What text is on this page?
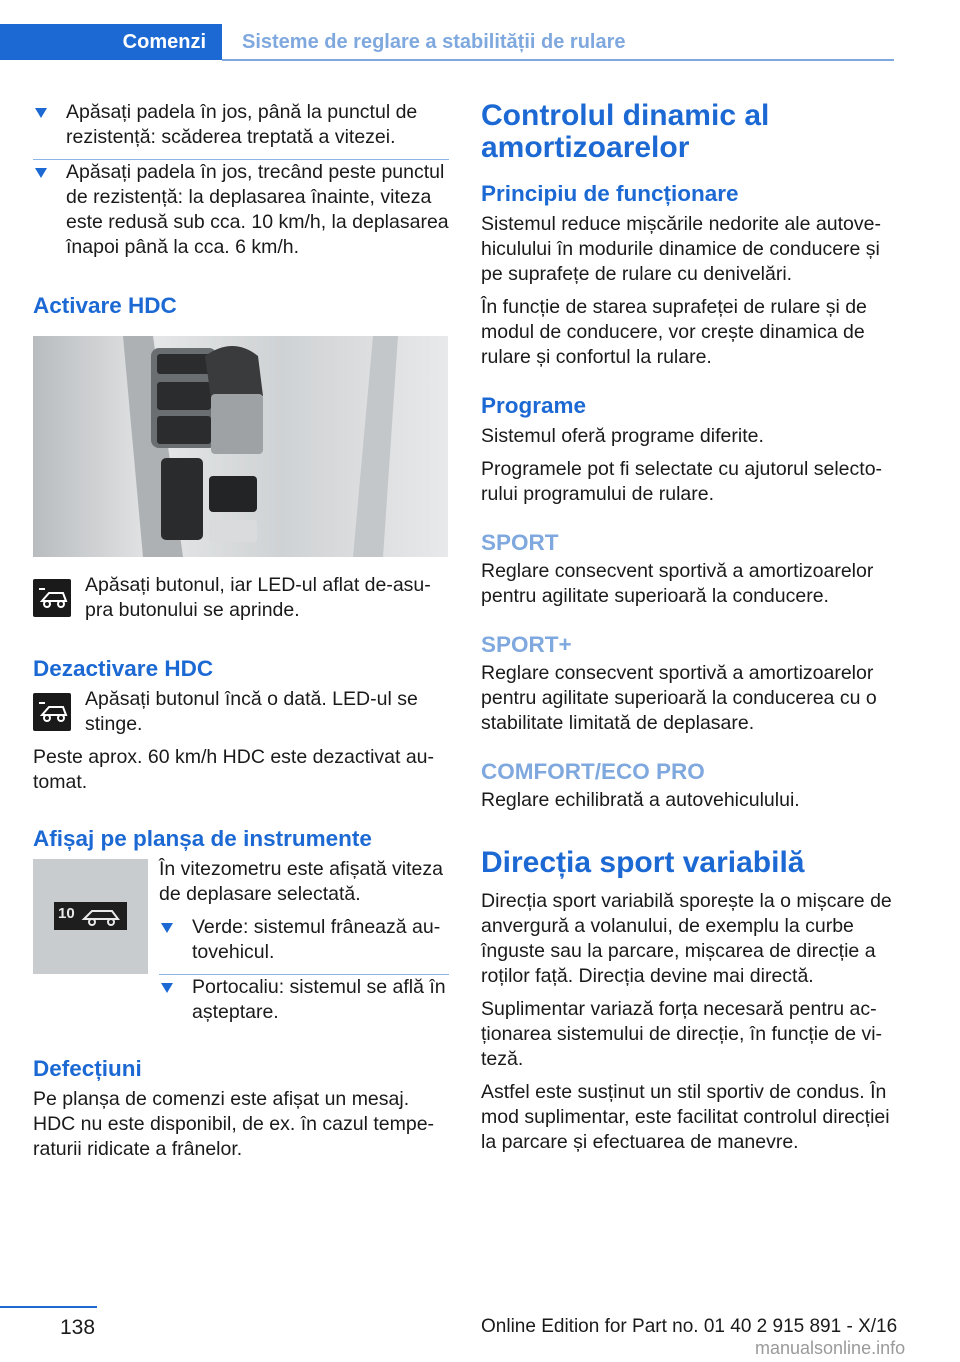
Comenzi	Sisteme de reglare a stabilității de rulare
Apăsați padela în jos, până la punctul de rezistență: scăderea treptată a vitezei.
Apăsați padela în jos, trecând peste punctul de rezistență: la deplasarea înainte, viteza este redusă sub cca. 10 km/h, la deplasarea înapoi până la cca. 6 km/h.
Activare HDC

Apăsați butonul, iar LED-ul aflat de-asupra butonului se aprinde.

Dezactivare HDC

Apăsați butonul încă o dată. LED-ul se stinge.

Peste aprox. 60 km/h HDC este dezactivat automat.

Afișaj pe planșa de instrumente
10

În vitezometru este afișată viteza de deplasare selectată.

Verde: sistemul frânează autovehicul.
Portocaliu: sistemul se află în așteptare.
Defecțiuni

Pe planșa de comenzi este afișat un mesaj. HDC nu este disponibil, de ex. în cazul temperaturii ridicate a frânelor.

Controlul dinamic al amortizoarelor
Principiu de funcționare

Sistemul reduce mișcările nedorite ale autovehiculului în modurile dinamice de conducere și pe suprafețe de rulare cu denivelări.

În funcție de starea suprafeței de rulare și de modul de conducere, vor crește dinamica de rulare și confortul la rulare.

Programe

Sistemul oferă programe diferite.

Programele pot fi selectate cu ajutorul selectorului programului de rulare.

SPORT

Reglare consecvent sportivă a amortizoarelor pentru agilitate superioară la conducere.

SPORT+

Reglare consecvent sportivă a amortizoarelor pentru agilitate superioară la conducerea cu o stabilitate limitată de deplasare.

COMFORT/ECO PRO

Reglare echilibrată a autovehiculului.

Direcția sport variabilă

Direcția sport variabilă sporește la o mișcare de anvergură a volanului, de exemplu la curbe înguste sau la parcare, mișcarea de direcție a roților față. Direcția devine mai directă.

Suplimentar variază forța necesară pentru acționarea sistemului de direcție, în funcție de viteză.

Astfel este susținut un stil sportiv de condus. În mod suplimentar, este facilitat controlul direcției la parcare și efectuarea de manevre.

138	Online Edition for Part no. 01 40 2 915 891 - X/16
manualsonline.info
